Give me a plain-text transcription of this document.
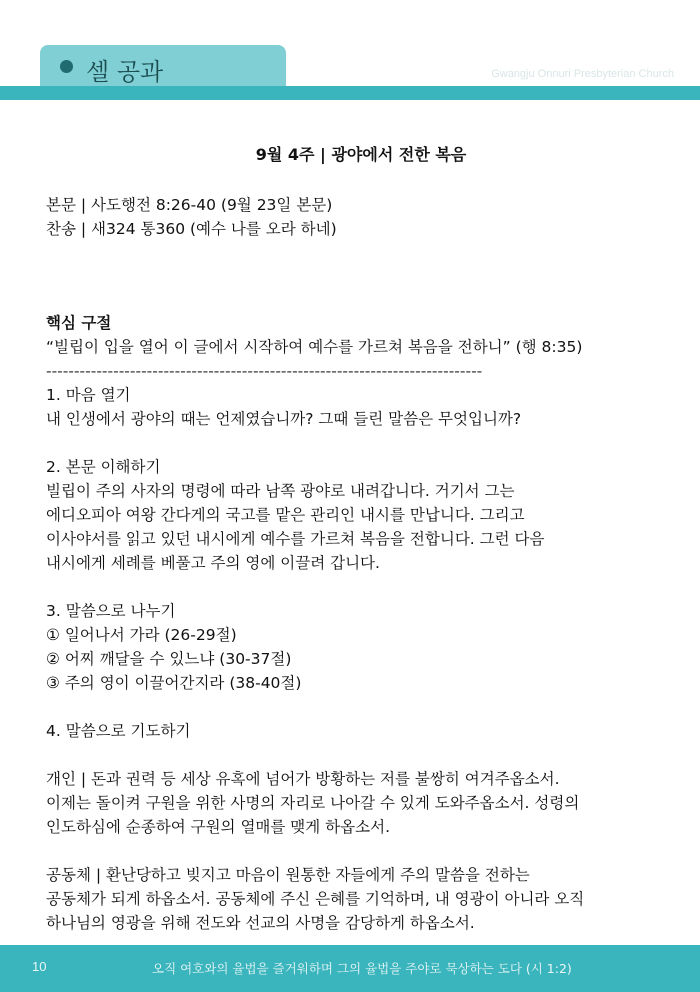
셀 공과	Gwangju Onnuri Presbyterian Church
9월 4주 | 광야에서 전한 복음
본문 | 사도행전 8:26-40 (9월 23일 본문)
찬송 | 새324 통360 (예수 나를 오라 하네)
핵심 구절
“빌립이 입을 열어 이 글에서 시작하여 예수를 가르쳐 복음을 전하니” (행 8:35)
------------------------------------------------------------------------------
1. 마음 열기
내 인생에서 광야의 때는 언제였습니까? 그때 들린 말씀은 무엇입니까?
2. 본문 이해하기
빌립이 주의 사자의 명령에 따라 남쪽 광야로 내려갑니다. 거기서 그는
에디오피아 여왕 간다게의 국고를 맡은 관리인 내시를 만납니다. 그리고
이사야서를 읽고 있던 내시에게 예수를 가르쳐 복음을 전합니다. 그런 다음
내시에게 세례를 베풀고 주의 영에 이끌려 갑니다.
3. 말씀으로 나누기
① 일어나서 가라 (26-29절)
② 어찌 깨달을 수 있느냐 (30-37절)
③ 주의 영이 이끌어간지라 (38-40절)
4. 말씀으로 기도하기
개인 | 돈과 권력 등 세상 유혹에 넘어가 방황하는 저를 불쌍히 여겨주옵소서.
이제는 돌이켜 구원을 위한 사명의 자리로 나아갈 수 있게 도와주옵소서. 성령의
인도하심에 순종하여 구원의 열매를 맺게 하옵소서.
공동체 | 환난당하고 빚지고 마음이 원통한 자들에게 주의 말씀을 전하는
공동체가 되게 하옵소서. 공동체에 주신 은혜를 기억하며, 내 영광이 아니라 오직
하나님의 영광을 위해 전도와 선교의 사명을 감당하게 하옵소서.
10	오직 여호와의 율법을 즐거워하며 그의 율법을 주야로 묵상하는 도다 (시 1:2)
